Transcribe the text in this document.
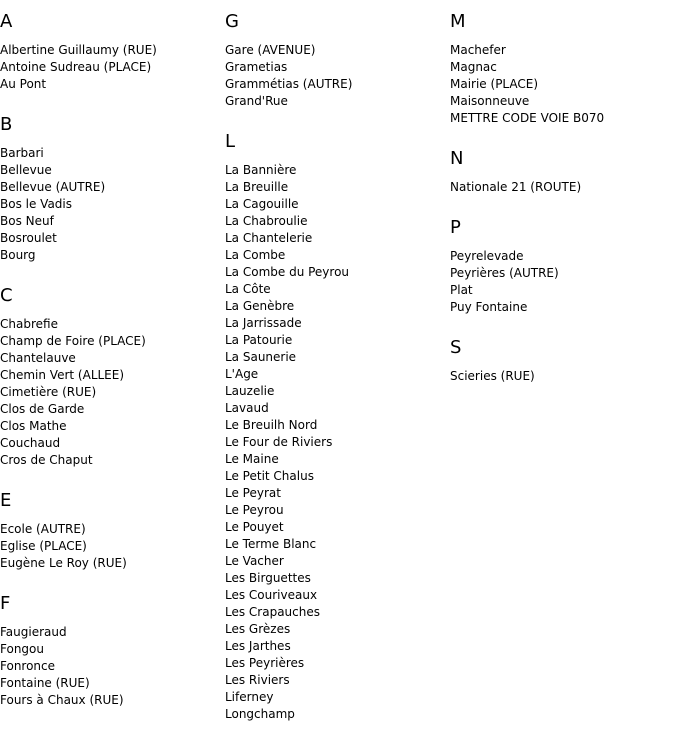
A
Albertine Guillaumy (RUE)
Antoine Sudreau (PLACE)
Au Pont
B
Barbari
Bellevue
Bellevue (AUTRE)
Bos le Vadis
Bos Neuf
Bosroulet
Bourg
C
Chabrefie
Champ de Foire (PLACE)
Chantelauve
Chemin Vert (ALLEE)
Cimetière (RUE)
Clos de Garde
Clos Mathe
Couchaud
Cros de Chaput
E
Ecole (AUTRE)
Eglise (PLACE)
Eugène Le Roy (RUE)
F
Faugieraud
Fongou
Fonronce
Fontaine (RUE)
Fours à Chaux (RUE)
G
Gare (AVENUE)
Grametias
Grammétias (AUTRE)
Grand'Rue
L
La Bannière
La Breuille
La Cagouille
La Chabroulie
La Chantelerie
La Combe
La Combe du Peyrou
La Côte
La Genèbre
La Jarrissade
La Patourie
La Saunerie
L'Age
Lauzelie
Lavaud
Le Breuilh Nord
Le Four de Riviers
Le Maine
Le Petit Chalus
Le Peyrat
Le Peyrou
Le Pouyet
Le Terme Blanc
Le Vacher
Les Birguettes
Les Couriveaux
Les Crapauches
Les Grèzes
Les Jarthes
Les Peyrières
Les Riviers
Liferney
Longchamp
M
Machefer
Magnac
Mairie (PLACE)
Maisonneuve
METTRE CODE VOIE B070
N
Nationale 21 (ROUTE)
P
Peyrelevade
Peyrières (AUTRE)
Plat
Puy Fontaine
S
Scieries (RUE)
